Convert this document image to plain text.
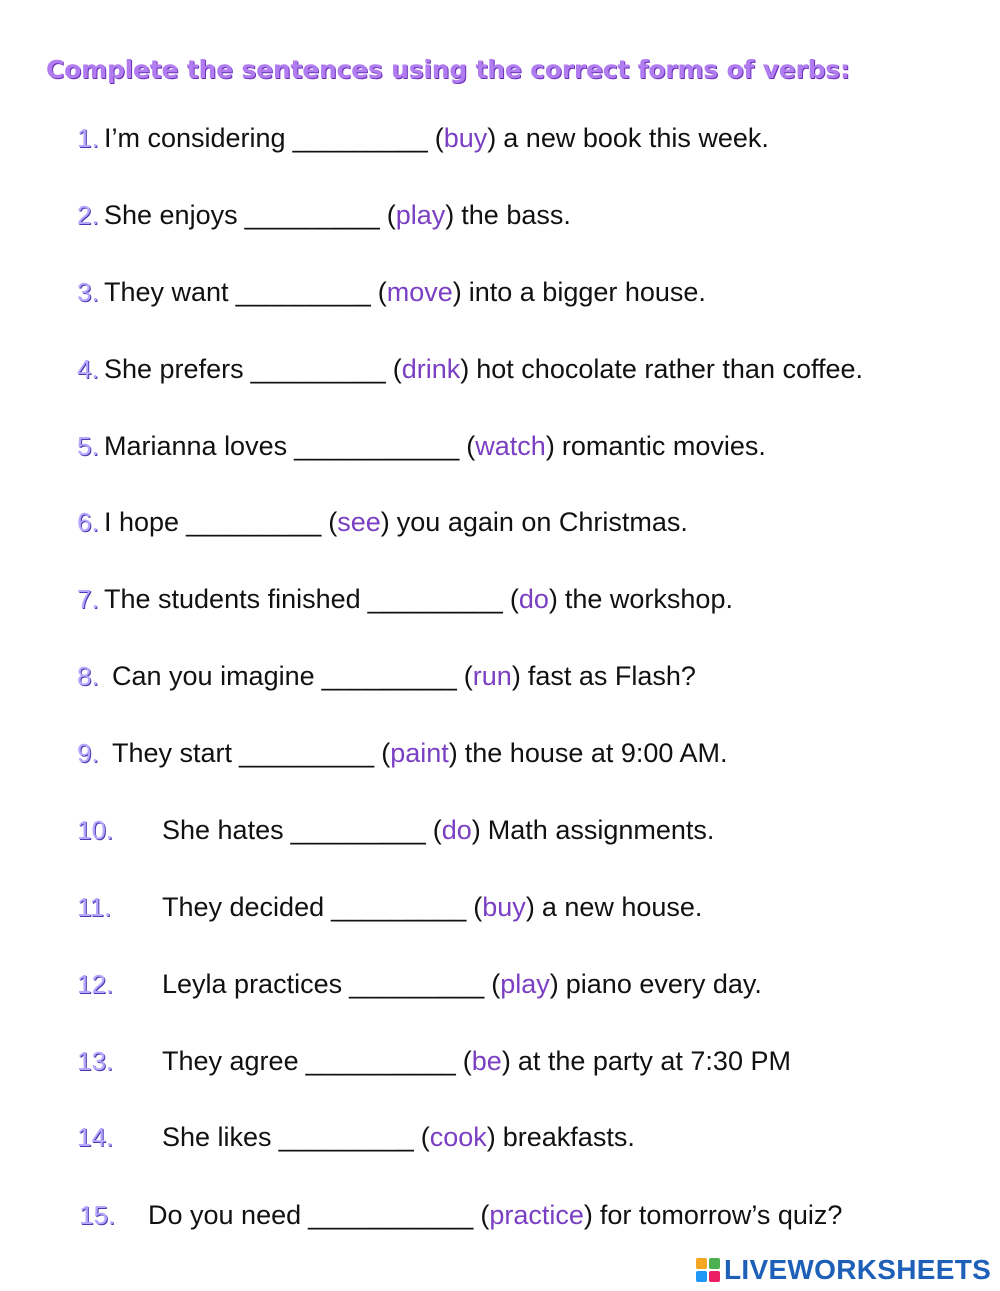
Complete the sentences using the correct forms of verbs:
1. I’m considering _________ (buy) a new book this week.
2. She enjoys _________ (play) the bass.
3. They want _________ (move) into a bigger house.
4. She prefers _________ (drink) hot chocolate rather than coffee.
5. Marianna loves ___________ (watch) romantic movies.
6. I hope _________ (see) you again on Christmas.
7. The students finished _________ (do) the workshop.
8. Can you imagine _________ (run) fast as Flash?
9. They start _________ (paint) the house at 9:00 AM.
10. She hates _________ (do) Math assignments.
11. They decided _________ (buy) a new house.
12. Leyla practices _________ (play) piano every day.
13. They agree __________ (be) at the party at 7:30 PM
14. She likes _________ (cook) breakfasts.
15. Do you need ___________ (practice) for tomorrow’s quiz?
LIVEWORKSHEETS
